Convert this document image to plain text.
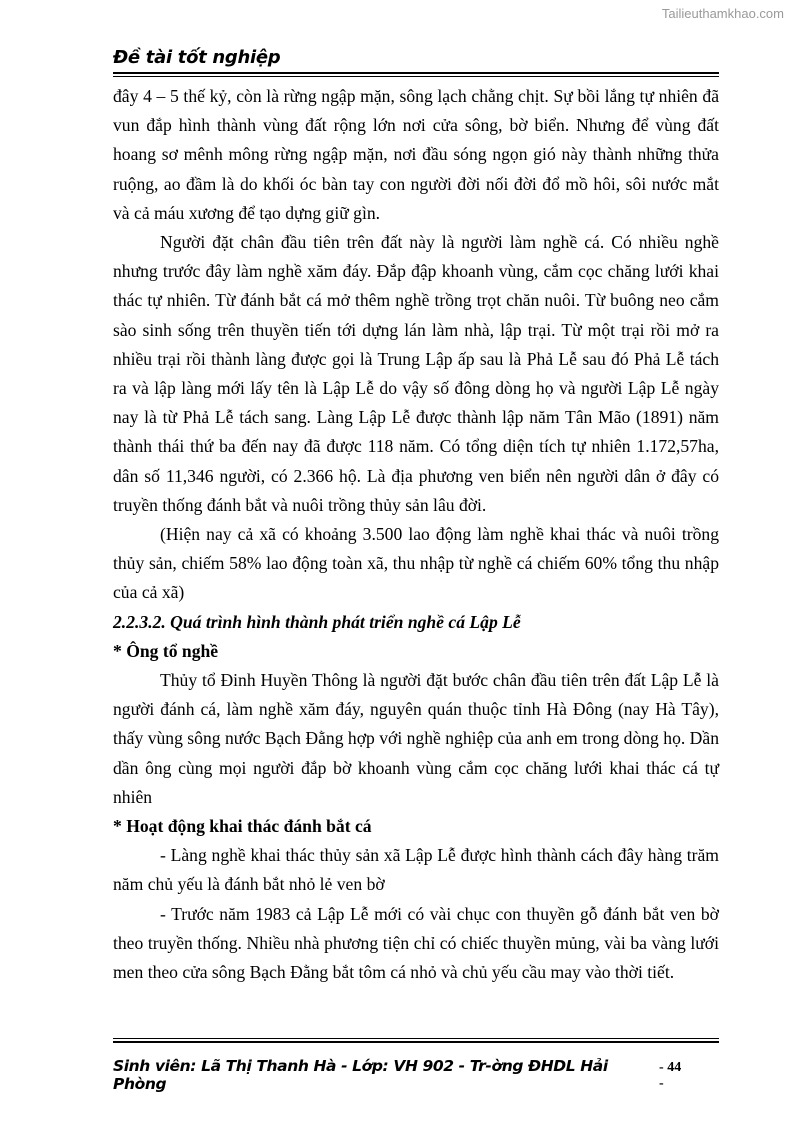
Tailieuthamkhao.com
Đề tài tốt nghiệp

đây 4 – 5 thế kỷ, còn là rừng ngập mặn, sông lạch chằng chịt. Sự bồi lắng tự nhiên đã vun đắp hình thành vùng đất rộng lớn nơi cửa sông, bờ biển. Nhưng để vùng đất hoang sơ mênh mông rừng ngập mặn, nơi đầu sóng ngọn gió này thành những thửa ruộng, ao đầm là do khối óc bàn tay con người đời nối đời đổ mồ hôi, sôi nước mắt và cả máu xương để tạo dựng giữ gìn.

Người đặt chân đầu tiên trên đất này là người làm nghề cá. Có nhiều nghề nhưng trước đây làm nghề xăm đáy. Đắp đập khoanh vùng, cắm cọc chăng lưới khai thác tự nhiên. Từ đánh bắt cá mở thêm nghề trồng trọt chăn nuôi. Từ buông neo cắm sào sinh sống trên thuyền tiến tới dựng lán làm nhà, lập trại. Từ một trại rồi mở ra nhiều trại rồi thành làng được gọi là Trung Lập ấp sau là Phả Lễ sau đó Phả Lễ tách ra và lập làng mới lấy tên là Lập Lễ do vậy số đông dòng họ và người Lập Lễ ngày nay là từ Phả Lễ tách sang. Làng Lập Lễ được thành lập năm Tân Mão (1891) năm thành thái thứ ba đến nay đã được 118 năm. Có tổng diện tích tự nhiên 1.172,57ha, dân số 11,346 người, có 2.366 hộ. Là địa phương ven biển nên người dân ở đây có truyền thống đánh bắt và nuôi trồng thủy sản lâu đời.

(Hiện nay cả xã có khoảng 3.500 lao động làm nghề khai thác và nuôi trồng thủy sản, chiếm 58% lao động toàn xã, thu nhập từ nghề cá chiếm 60% tổng thu nhập của cả xã)

2.2.3.2. Quá trình hình thành phát triển nghề cá Lập Lễ

* Ông tổ nghề

Thủy tổ Đinh Huyền Thông là người đặt bước chân đầu tiên trên đất Lập Lễ là người đánh cá, làm nghề xăm đáy, nguyên quán thuộc tỉnh Hà Đông (nay Hà Tây), thấy vùng sông nước Bạch Đằng hợp với nghề nghiệp của anh em trong dòng họ. Dần dần ông cùng mọi người đắp bờ khoanh vùng cắm cọc chăng lưới khai thác cá tự nhiên

* Hoạt động khai thác đánh bắt cá

- Làng nghề khai thác thủy sản xã Lập Lễ được hình thành cách đây hàng trăm năm chủ yếu là đánh bắt nhỏ lẻ ven bờ

- Trước năm 1983 cả Lập Lễ mới có vài chục con thuyền gỗ đánh bắt ven bờ theo truyền thống. Nhiều nhà phương tiện chỉ có chiếc thuyền mủng, vài ba vàng lưới men theo cửa sông Bạch Đằng bắt tôm cá nhỏ và chủ yếu cầu may vào thời tiết.

Sinh viên: Lã Thị Thanh Hà - Lớp: VH 902 - Tr-ờng ĐHDL Hải Phòng
- 44 -
